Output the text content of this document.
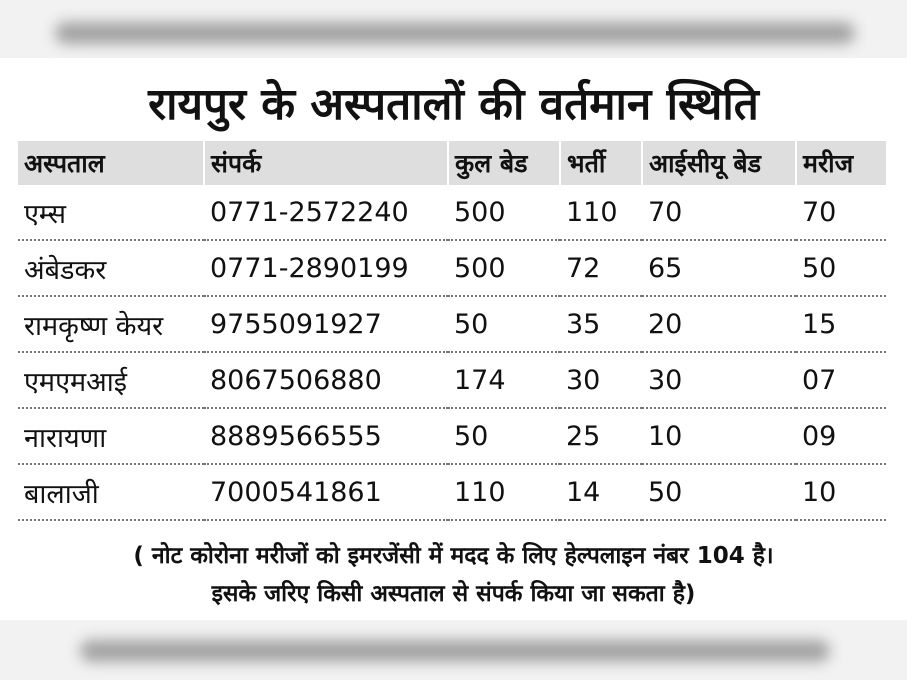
रायपुर के अस्पतालों की वर्तमान स्थिति
अस्पताल	संपर्क	कुल बेड	भर्ती	आईसीयू बेड	मरीज
एम्स	0771-2572240	500	110	70	70
अंबेडकर	0771-2890199	500	72	65	50
रामकृष्ण केयर	9755091927	50	35	20	15
एमएमआई	8067506880	174	30	30	07
नारायणा	8889566555	50	25	10	09
बालाजी	7000541861	110	14	50	10
( नोट कोरोना मरीजों को इमरजेंसी में मदद के लिए हेल्पलाइन नंबर 104 है।
इसके जरिए किसी अस्पताल से संपर्क किया जा सकता है)
